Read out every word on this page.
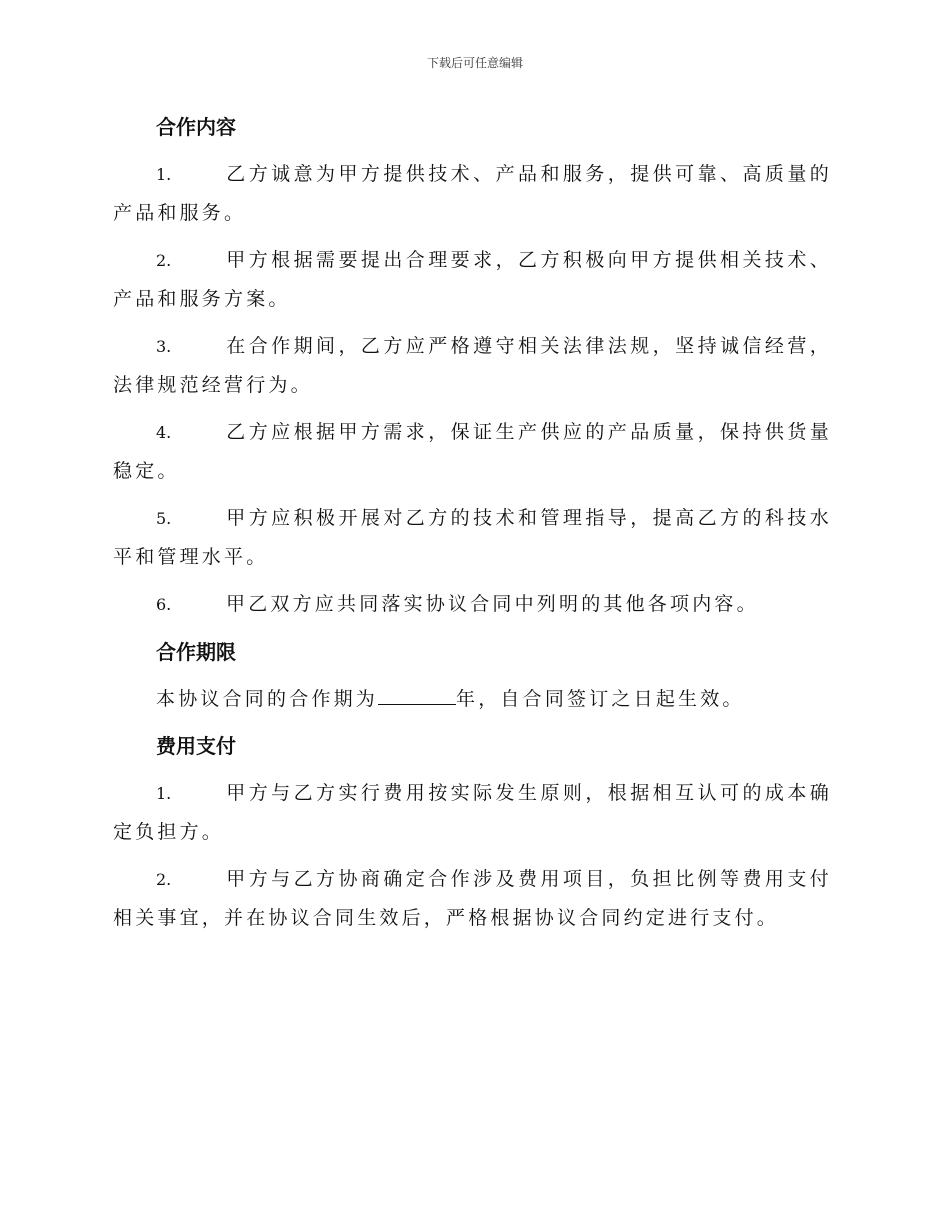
下载后可任意编辑
合作内容
1.	乙方诚意为甲方提供技术、产品和服务，提供可靠、高质量的产品和服务。
2.	甲方根据需要提出合理要求，乙方积极向甲方提供相关技术、产品和服务方案。
3.	在合作期间，乙方应严格遵守相关法律法规，坚持诚信经营，法律规范经营行为。
4.	乙方应根据甲方需求，保证生产供应的产品质量，保持供货量稳定。
5.	甲方应积极开展对乙方的技术和管理指导，提高乙方的科技水平和管理水平。
6.	甲乙双方应共同落实协议合同中列明的其他各项内容。
合作期限
本协议合同的合作期为	年，自合同签订之日起生效。
费用支付
1.	甲方与乙方实行费用按实际发生原则，根据相互认可的成本确定负担方。
2.	甲方与乙方协商确定合作涉及费用项目，负担比例等费用支付相关事宜，并在协议合同生效后，严格根据协议合同约定进行支付。
